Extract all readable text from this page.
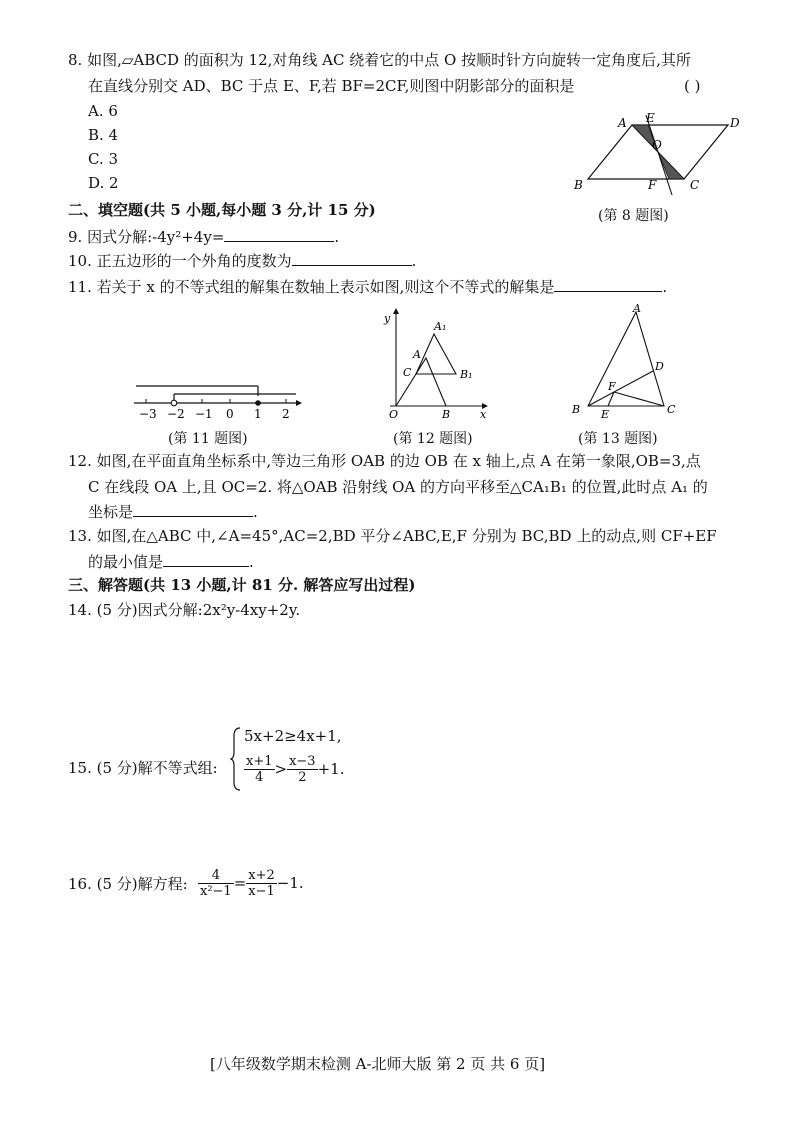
8. 如图,▱ABCD 的面积为 12,对角线 AC 绕着它的中点 O 按顺时针方向旋转一定角度后,其所
在直线分别交 AD、BC 于点 E、F,若 BF=2CF,则图中阴影部分的面积是	( )
A. 6
B. 4
C. 3
D. 2
A E	D
O
B	F	C
(第 8 题图)
二、填空题(共 5 小题,每小题 3 分,计 15 分)
9. 因式分解:-4y²+4y=	.
10. 正五边形的一个外角的度数为	.
11. 若关于 x 的不等式组的解集在数轴上表示如图,则这个不等式的解集是	.
−3 −2 −1 0 1 2
(第 11 题图)
y
A₁
A
C	B₁
O	B	x
(第 12 题图)
A
D
F
B E	C
(第 13 题图)
12. 如图,在平面直角坐标系中,等边三角形 OAB 的边 OB 在 x 轴上,点 A 在第一象限,OB=3,点
C 在线段 OA 上,且 OC=2. 将△OAB 沿射线 OA 的方向平移至△CA₁B₁ 的位置,此时点 A₁ 的
坐标是	.
13. 如图,在△ABC 中,∠A=45°,AC=2,BD 平分∠ABC,E,F 分别为 BC,BD 上的动点,则 CF+EF
的最小值是	.
三、解答题(共 13 小题,计 81 分. 解答应写出过程)
14. (5 分)因式分解:2x²y-4xy+2y.
15. (5 分)解不等式组:
5x+2≥4x+1,
$\frac{x+1}{4} > \frac{x-3}{2} +1$.
16. (5 分)解方程: $\frac{4}{\text{x²−1}} = \frac{x+2}{x-1} -1$.
[八年级数学期末检测 A-北师大版 第 2 页 共 6 页]
